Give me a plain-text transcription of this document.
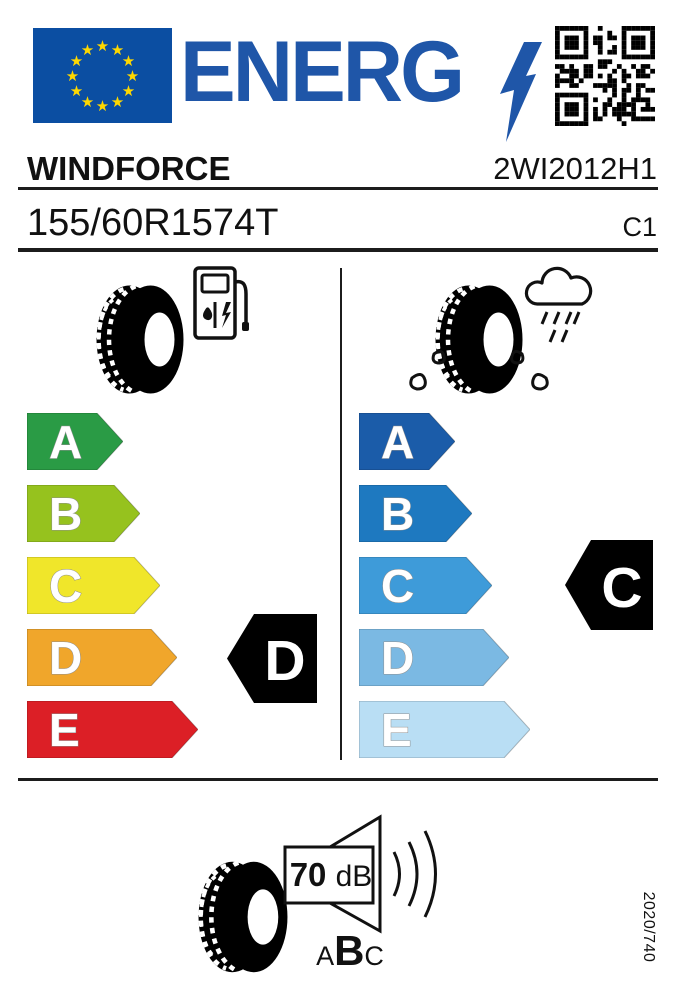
★ ★
★
★
★
★
★
★
★
★
★
★ ENERG
WINDFORCE	2WI2012H1
155/60R1574T	C1
A
B
C
D
E
D
A
B
C
D
E
C
70 dB
A B C	2020/740
